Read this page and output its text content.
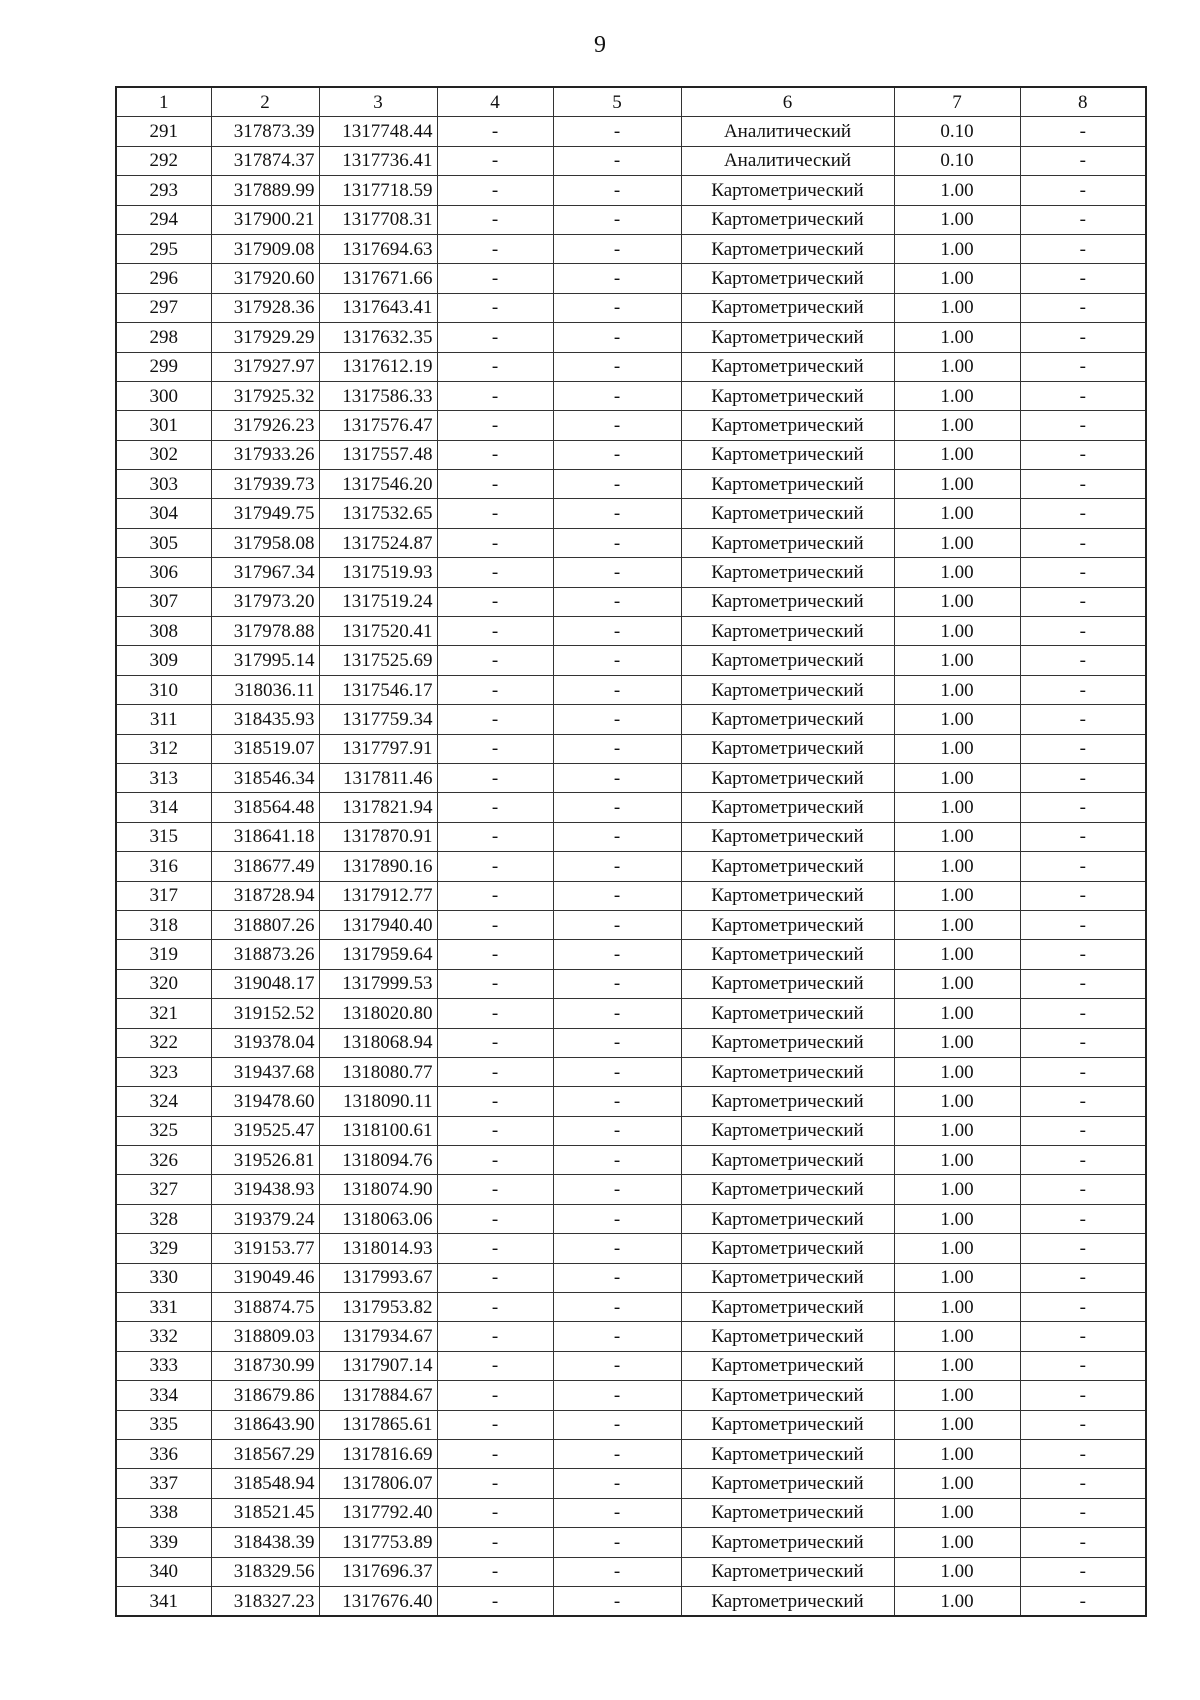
9
1	2	3	4	5	6	7	8
291	317873.39	1317748.44	-	-	Аналитический	0.10	-
292	317874.37	1317736.41	-	-	Аналитический	0.10	-
293	317889.99	1317718.59	-	-	Картометрический	1.00	-
294	317900.21	1317708.31	-	-	Картометрический	1.00	-
295	317909.08	1317694.63	-	-	Картометрический	1.00	-
296	317920.60	1317671.66	-	-	Картометрический	1.00	-
297	317928.36	1317643.41	-	-	Картометрический	1.00	-
298	317929.29	1317632.35	-	-	Картометрический	1.00	-
299	317927.97	1317612.19	-	-	Картометрический	1.00	-
300	317925.32	1317586.33	-	-	Картометрический	1.00	-
301	317926.23	1317576.47	-	-	Картометрический	1.00	-
302	317933.26	1317557.48	-	-	Картометрический	1.00	-
303	317939.73	1317546.20	-	-	Картометрический	1.00	-
304	317949.75	1317532.65	-	-	Картометрический	1.00	-
305	317958.08	1317524.87	-	-	Картометрический	1.00	-
306	317967.34	1317519.93	-	-	Картометрический	1.00	-
307	317973.20	1317519.24	-	-	Картометрический	1.00	-
308	317978.88	1317520.41	-	-	Картометрический	1.00	-
309	317995.14	1317525.69	-	-	Картометрический	1.00	-
310	318036.11	1317546.17	-	-	Картометрический	1.00	-
311	318435.93	1317759.34	-	-	Картометрический	1.00	-
312	318519.07	1317797.91	-	-	Картометрический	1.00	-
313	318546.34	1317811.46	-	-	Картометрический	1.00	-
314	318564.48	1317821.94	-	-	Картометрический	1.00	-
315	318641.18	1317870.91	-	-	Картометрический	1.00	-
316	318677.49	1317890.16	-	-	Картометрический	1.00	-
317	318728.94	1317912.77	-	-	Картометрический	1.00	-
318	318807.26	1317940.40	-	-	Картометрический	1.00	-
319	318873.26	1317959.64	-	-	Картометрический	1.00	-
320	319048.17	1317999.53	-	-	Картометрический	1.00	-
321	319152.52	1318020.80	-	-	Картометрический	1.00	-
322	319378.04	1318068.94	-	-	Картометрический	1.00	-
323	319437.68	1318080.77	-	-	Картометрический	1.00	-
324	319478.60	1318090.11	-	-	Картометрический	1.00	-
325	319525.47	1318100.61	-	-	Картометрический	1.00	-
326	319526.81	1318094.76	-	-	Картометрический	1.00	-
327	319438.93	1318074.90	-	-	Картометрический	1.00	-
328	319379.24	1318063.06	-	-	Картометрический	1.00	-
329	319153.77	1318014.93	-	-	Картометрический	1.00	-
330	319049.46	1317993.67	-	-	Картометрический	1.00	-
331	318874.75	1317953.82	-	-	Картометрический	1.00	-
332	318809.03	1317934.67	-	-	Картометрический	1.00	-
333	318730.99	1317907.14	-	-	Картометрический	1.00	-
334	318679.86	1317884.67	-	-	Картометрический	1.00	-
335	318643.90	1317865.61	-	-	Картометрический	1.00	-
336	318567.29	1317816.69	-	-	Картометрический	1.00	-
337	318548.94	1317806.07	-	-	Картометрический	1.00	-
338	318521.45	1317792.40	-	-	Картометрический	1.00	-
339	318438.39	1317753.89	-	-	Картометрический	1.00	-
340	318329.56	1317696.37	-	-	Картометрический	1.00	-
341	318327.23	1317676.40	-	-	Картометрический	1.00	-
